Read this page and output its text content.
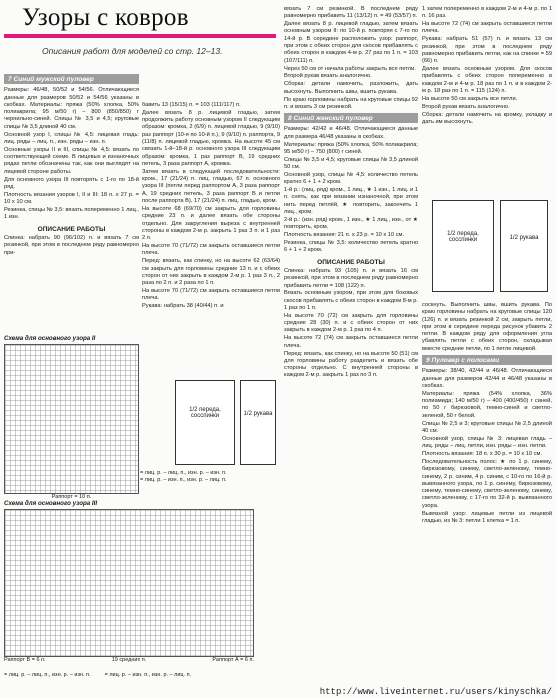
Узоры с ковров
Описания работ для моделей со стр. 12–13.
7 Синий мужской пуловер

Размеры: 46/48, 50/52 и 54/56. Отличающиеся данные для размеров 50/52 и 54/56 указаны в скобках. Материалы: пряжа (50% хлопка, 50% полиакрила; 95 м/50 г) – 800 (850/850) г чернильно-синей. Спицы № 3,5 и 4,5; круговые спицы № 3,5 длиной 40 см.

Основной узор I, спицы № 4,5: лицевая гладь: лиц. ряды – лиц. п., изн. ряды – изн. п.

Основные узоры II и III, спицы № 4,5: вязать по соответствующей схеме. В лицевых и изнаночных рядах петли обозначены так, как они выглядят на лицевой стороне работы.

Для основного узора III повторять с 1-го по 18-й ряд.

Плотность вязания узоров I, II и III: 18 п. x 27 р. = 10 x 10 см.

Резинка, спицы № 3,5: вязать попеременно 1 лиц., 1 изн.

ОПИСАНИЕ РАБОТЫ

Спинка: набрать 90 (96/102) п. и вязать 7 см резинкой, при этом в последнем ряду равномерно при-

Схема для основного узора II
Раппорт = 10 п.
= лиц. р. – лиц. п., изн. р. – изн. п.
= лиц. р. – изн. п., изн. р. – лиц. п.
Схема для основного узора III
Раппорт В = 6 п.	19 средних п.	Раппорт А = 6 п.
= лиц. р. – лиц. п., изн. р. – изн. п.	= лиц. р. – изн. п., изн. р. – лиц. п.

бавить 13 (15/15) п. = 103 (111/117) п.

Далее вязать 8 р. лицевой гладью, затем продолжить работу основным узором II следующим образом: кромка, 2 (6/9) п. лицевой гладью, 9 (9/10) раз раппорт (10-я по 10-й п.), 9 (9/10) п. раппорта, 9 (11/8) п. лицевой гладью, кромка. На высоте 45 см связать 1-й–18-й р. основного узора III следующим образом: кромка, 1 раз раппорт В, 19 средних петель, 3 раза раппорт А, кромка.

Затем вязать в следующей последовательности: кром., 17 (21/24) п. лиц. гладью, 67 п. основного узора III (петли перед раппортом А, 3 раза раппорт А, 19 средних петель, 3 раза раппорт В и петли после раппорта В), 17 (21/24) п. лиц. гладью, кром.

На высоте 68 (69/70) см закрыть для горловины средние 23 п. и далее вязать обе стороны отдельно. Для закругления выреза с внутренней стороны в каждом 2-м р. закрыть 1 раз 3 п. и 1 раз 2 п.

На высоте 70 (71/72) см закрыть оставшиеся петли плеча.

Перед: вязать, как спинку, но на высоте 62 (63/64) см закрыть для горловины средние 13 п. и с обеих сторон от них закрыть в каждом 2-м р. 1 раз 3 п., 2 раза по 2 п. и 2 раза по 1 п.

На высоте 70 (71/72) см закрыть оставшиеся петли плеча.

Рукава: набрать 38 (40/44) п. и

1/2 переда, сосспинки	1/2 рукава

вязать 7 см резинкой. В последнем ряду равномерно прибавить 11 (13/12) п. = 49 (53/57) п.

Далее вязать 8 р. лицевой гладью, затем вязать основным узором II: по 10-й р. повторяя с 7-го по 14-й р. В середине расположить узор: раппорт, при этом с обеих сторон для скосов прибавлять с обеих сторон в каждом 4-м р. 27 раз по 1 п. = 103 (107/111) п.

Через 50 см от начала работы закрыть все петли.

Второй рукав вязать аналогично.

Сборка: детали намочить, разложить, дать высохнуть. Выполнить швы, вшить рукава.

По краю горловины набрать на круговые спицы 92 п. и вязать 3 см резинкой.

8 Синий женский пуловер

Размеры: 42/42 и 46/48. Отличающиеся данные для размера 46/48 указаны в скобках.

Материалы: пряжа (50% хлопка, 50% полиакрила; 95 м/50 г) – 750 (800) г синей.

Спицы № 3,5 и 4,5; круговые спицы № 3,5 длиной 50 см.

Основной узор, спицы № 4,5: количество петель кратно 6 + 1 + 2 кром.

1-й р.: (лиц. ряд) кром., 1 лиц., ★ 1 изн., 1 лиц. и 1 п. снять, как при вязании изнаночной, при этом нить перед петлёй, ★ повторить, закончить 1 лиц., кром.

2-й р.: (изн. ряд) кром., 1 изн., ★ 1 лиц., изн., от ★ повторить, кром.

Плотность вязания: 21 п. x 23 р. = 10 x 10 см.

Резинка, спицы № 3,5: количество петель кратно 6 + 1 + 2 кром.

ОПИСАНИЕ РАБОТЫ

Спинка: набрать 93 (105) п. и вязать 16 см резинкой, при этом в последнем ряду равномерно прибавить петли = 108 (122) п.

Вязать основным узором, при этом для боковых скосов прибавлять с обеих сторон в каждом 8-м р. 1 раз по 1 п.

На высоте 70 (72) см закрыть для горловины средние 28 (30) п. и с обеих сторон от них закрыть в каждом 2-м р. 1 раз по 4 п.

На высоте 72 (74) см закрыть оставшиеся петли плеча.

Перед: вязать, как спинку, но на высоте 50 (51) см для горловины работу разделить и вязать обе стороны отдельно. С внутренней стороны в каждом 2-м р. закрыть 1 раз по 3 п.

1 затем попеременно в каждом 2-м и 4-м р. по 1 п. 16 раз.

На высоте 72 (74) см закрыть оставшиеся петли плеча.

Рукава: набрать 51 (57) п. и вязать 13 см резинкой, при этом в последнем ряду равномерно прибавить петли, как на спинке = 59 (66) п.

Далее вязать основным узором. Для скосов прибавлять с обеих сторон попеременно в каждом 2-м и 4-м р. 18 раз по 1 п. и в каждом 2-м р. 18 раз по 1 п. = 115 (124) п.

На высоте 50 см закрыть все петли.

Второй рукав вязать аналогично.

Сборка: детали намочить на кромку, укладку и дать им высохнуть.

1/2 переда, сосспинки	1/2 рукава

соскнуть. Выполнить швы, вшить рукава. По краю горловины набрать на круговые спицы 120 (126) п. и вязать резинкой 2 см, закрыть петли, при этом в середине переда рисунок убавить 2 петли. В каждом ряду для оформления угла убавлять петли с обеих сторон, складывая вместе средние петли, по 1 петле лицевой.

9 Пуловер с полосами

Размеры: 38/40, 42/44 и 46/48. Отличающиеся данные для размеров 42/44 и 46/48 указаны в скобках.

Материалы: пряжа (54% хлопка, 36% полиамида; 140 м/50 г) – 400 (400/450) г синей, по 50 г бирюзовой, темно-синей и светло-зеленой, 50 г белой.

Спицы № 2,5 и 3; круговые спицы № 2,5 длиной 40 см.

Основной узор, спицы № 3: лицевая гладь – лиц. ряды – лиц. петли, изн. ряды – изн. петли.

Плотность вязания: 18 п. x 30 р. = 10 x 10 см.

Последовательность полос: ★ по 1 р. синему, бирюзовому, синему, светло-зеленому, темно-синему, 2 р. синим, 4 р. синим, с 10-го по 16-й р. вывязанного узора, по 1 р. синему, бирюзовому, синему, темно-синему, светло-зеленому, синему, светло-зеленому, с 17-го по 32-й р. вывязанного узора.

Вывязной узор: лицевые петли из лицевой гладью, из № 3: петли 1 клетка = 1 п.

http://www.liveinternet.ru/users/kinyschka/
